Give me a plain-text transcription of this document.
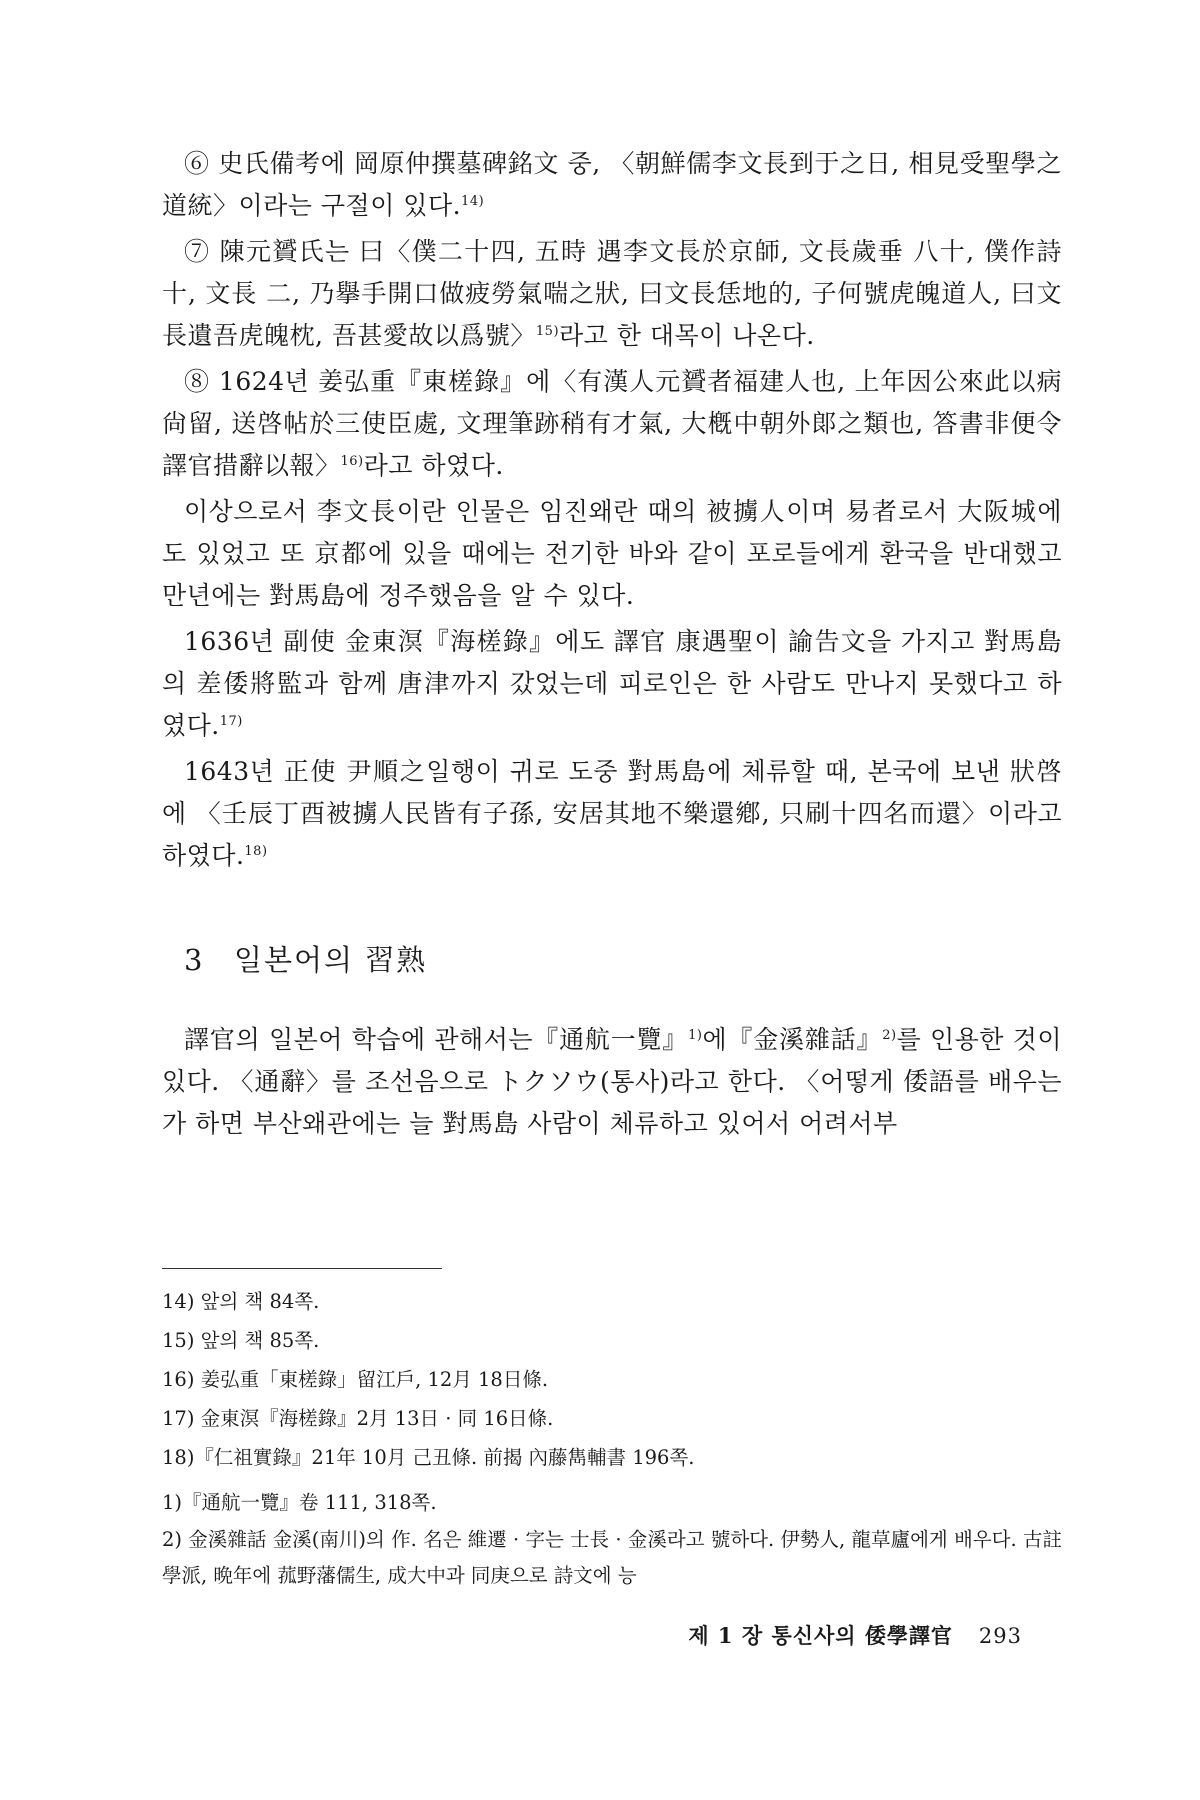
⑥ 史氏備考에 岡原仲撰墓碑銘文 중, 〈朝鮮儒李文長到于之日, 相見受聖學之道統〉이라는 구절이 있다.$^{14)}$

⑦ 陳元贇氏는 曰〈僕二十四, 五時 遇李文長於京師, 文長歲垂 八十, 僕作詩 十, 文長 二, 乃擧手開口做疲勞氣喘之狀, 曰文長恁地的, 子何號虎魄道人, 曰文長遺吾虎魄枕, 吾甚愛故以爲號〉$^{15)}$라고 한 대목이 나온다.

⑧ 1624년 姜弘重『東槎錄』에〈有漢人元贇者福建人也, 上年因公來此以病尙留, 送啓帖於三使臣處, 文理筆跡稍有才氣, 大槪中朝外郞之類也, 答書非便令譯官措辭以報〉$^{16)}$라고 하였다.

이상으로서 李文長이란 인물은 임진왜란 때의 被擄人이며 易者로서 大阪城에도 있었고 또 京都에 있을 때에는 전기한 바와 같이 포로들에게 환국을 반대했고 만년에는 對馬島에 정주했음을 알 수 있다.

1636년 副使 金東溟『海槎錄』에도 譯官 康遇聖이 諭告文을 가지고 對馬島의 差倭將監과 함께 唐津까지 갔었는데 피로인은 한 사람도 만나지 못했다고 하였다.$^{17)}$

1643년 正使 尹順之일행이 귀로 도중 對馬島에 체류할 때, 본국에 보낸 狀啓에 〈壬辰丁酉被擄人民皆有子孫, 安居其地不樂還鄕, 只刷十四名而還〉이라고 하였다.$^{18)}$

3 일본어의 習熟

譯官의 일본어 학습에 관해서는『通航一覽』$^{1)}$에『金溪雜話』$^{2)}$를 인용한 것이 있다. 〈通辭〉를 조선음으로 トクソウ(통사)라고 한다. 〈어떻게 倭語를 배우는가 하면 부산왜관에는 늘 對馬島 사람이 체류하고 있어서 어려서부

14) 앞의 책 84쪽.

15) 앞의 책 85쪽.

16) 姜弘重「東槎錄」留江戶, 12月 18日條.

17) 金東溟『海槎錄』2月 13日 · 同 16日條.

18)『仁祖實錄』21年 10月 己丑條. 前揭 內藤雋輔書 196쪽.

1)『通航一覽』卷 111, 318쪽.

2) 金溪雜話 金溪(南川)의 作. 名은 維遷 · 字는 士長 · 金溪라고 號하다. 伊勢人, 龍草廬에게 배우다. 古註學派, 晩年에 菰野藩儒生, 成大中과 同庚으로 詩文에 능

제 1 장 통신사의 倭學譯官 293
